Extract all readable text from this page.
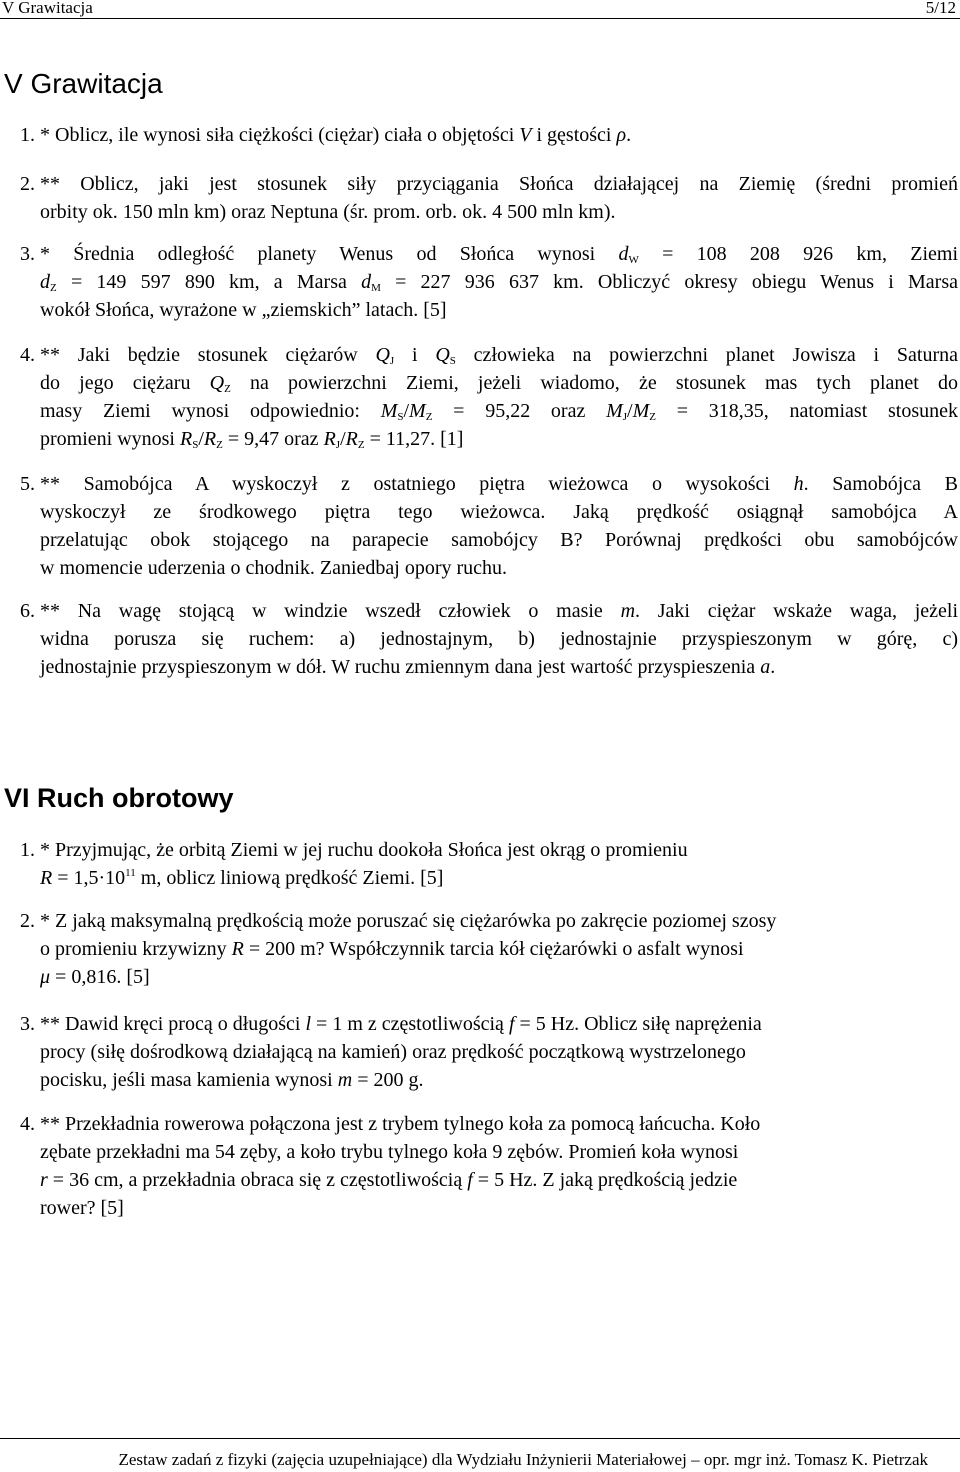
V Grawitacja	5/12
V Grawitacja
1. * Oblicz, ile wynosi siła ciężkości (ciężar) ciała o objętości V i gęstości ρ.
2. ** Oblicz, jaki jest stosunek siły przyciągania Słońca działającej na Ziemię (średni promień
orbity ok. 150 mln km) oraz Neptuna (śr. prom. orb. ok. 4 500 mln km).
3. * Średnia odległość planety Wenus od Słońca wynosi $d_W = 108$ 208 926 km, Ziemi
$d_Z = 149$ 597 890 km, a Marsa $d_M = 227$ 936 637 km. Obliczyć okresy obiegu Wenus i Marsa
wokół Słońca, wyrażone w „ziemskich” latach. [5]
4. ** Jaki będzie stosunek ciężarów $Q_J$ i $Q_S$ człowieka na powierzchni planet Jowisza i Saturna
do jego ciężaru $Q_Z$ na powierzchni Ziemi, jeżeli wiadomo, że stosunek mas tych planet do
masy Ziemi wynosi odpowiednio: $M_S/M_Z = 95,22$ oraz $M_J/M_Z = 318,35$, natomiast stosunek
promieni wynosi $R_S/R_Z = 9,47$ oraz $R_J/R_Z = 11,27$. [1]
5. ** Samobójca A wyskoczył z ostatniego piętra wieżowca o wysokości h. Samobójca B
wyskoczył ze środkowego piętra tego wieżowca. Jaką prędkość osiągnął samobójca A
przelatując obok stojącego na parapecie samobójcy B? Porównaj prędkości obu samobójców
w momencie uderzenia o chodnik. Zaniedbaj opory ruchu.
6. ** Na wagę stojącą w windzie wszedł człowiek o masie m. Jaki ciężar wskaże waga, jeżeli
widna porusza się ruchem: a) jednostajnym, b) jednostajnie przyspieszonym w górę, c)
jednostajnie przyspieszonym w dół. W ruchu zmiennym dana jest wartość przyspieszenia a.
VI Ruch obrotowy
1. * Przyjmując, że orbitą Ziemi w jej ruchu dookoła Słońca jest okrąg o promieniu
$R = 1,5\cdot 10^{11}$ m, oblicz liniową prędkość Ziemi. [5]
2. * Z jaką maksymalną prędkością może poruszać się ciężarówka po zakręcie poziomej szosy
o promieniu krzywizny R = 200 m? Współczynnik tarcia kół ciężarówki o asfalt wynosi
μ = 0,816. [5]
3. ** Dawid kręci procą o długości l = 1 m z częstotliwością f = 5 Hz. Oblicz siłę naprężenia
procy (siłę dośrodkową działającą na kamień) oraz prędkość początkową wystrzelonego
pocisku, jeśli masa kamienia wynosi m = 200 g.
4. ** Przekładnia rowerowa połączona jest z trybem tylnego koła za pomocą łańcucha. Koło
zębate przekładni ma 54 zęby, a koło trybu tylnego koła 9 zębów. Promień koła wynosi
r = 36 cm, a przekładnia obraca się z częstotliwością f = 5 Hz. Z jaką prędkością jedzie
rower? [5]
Zestaw zadań z fizyki (zajęcia uzupełniające) dla Wydziału Inżynierii Materiałowej – opr. mgr inż. Tomasz K. Pietrzak
